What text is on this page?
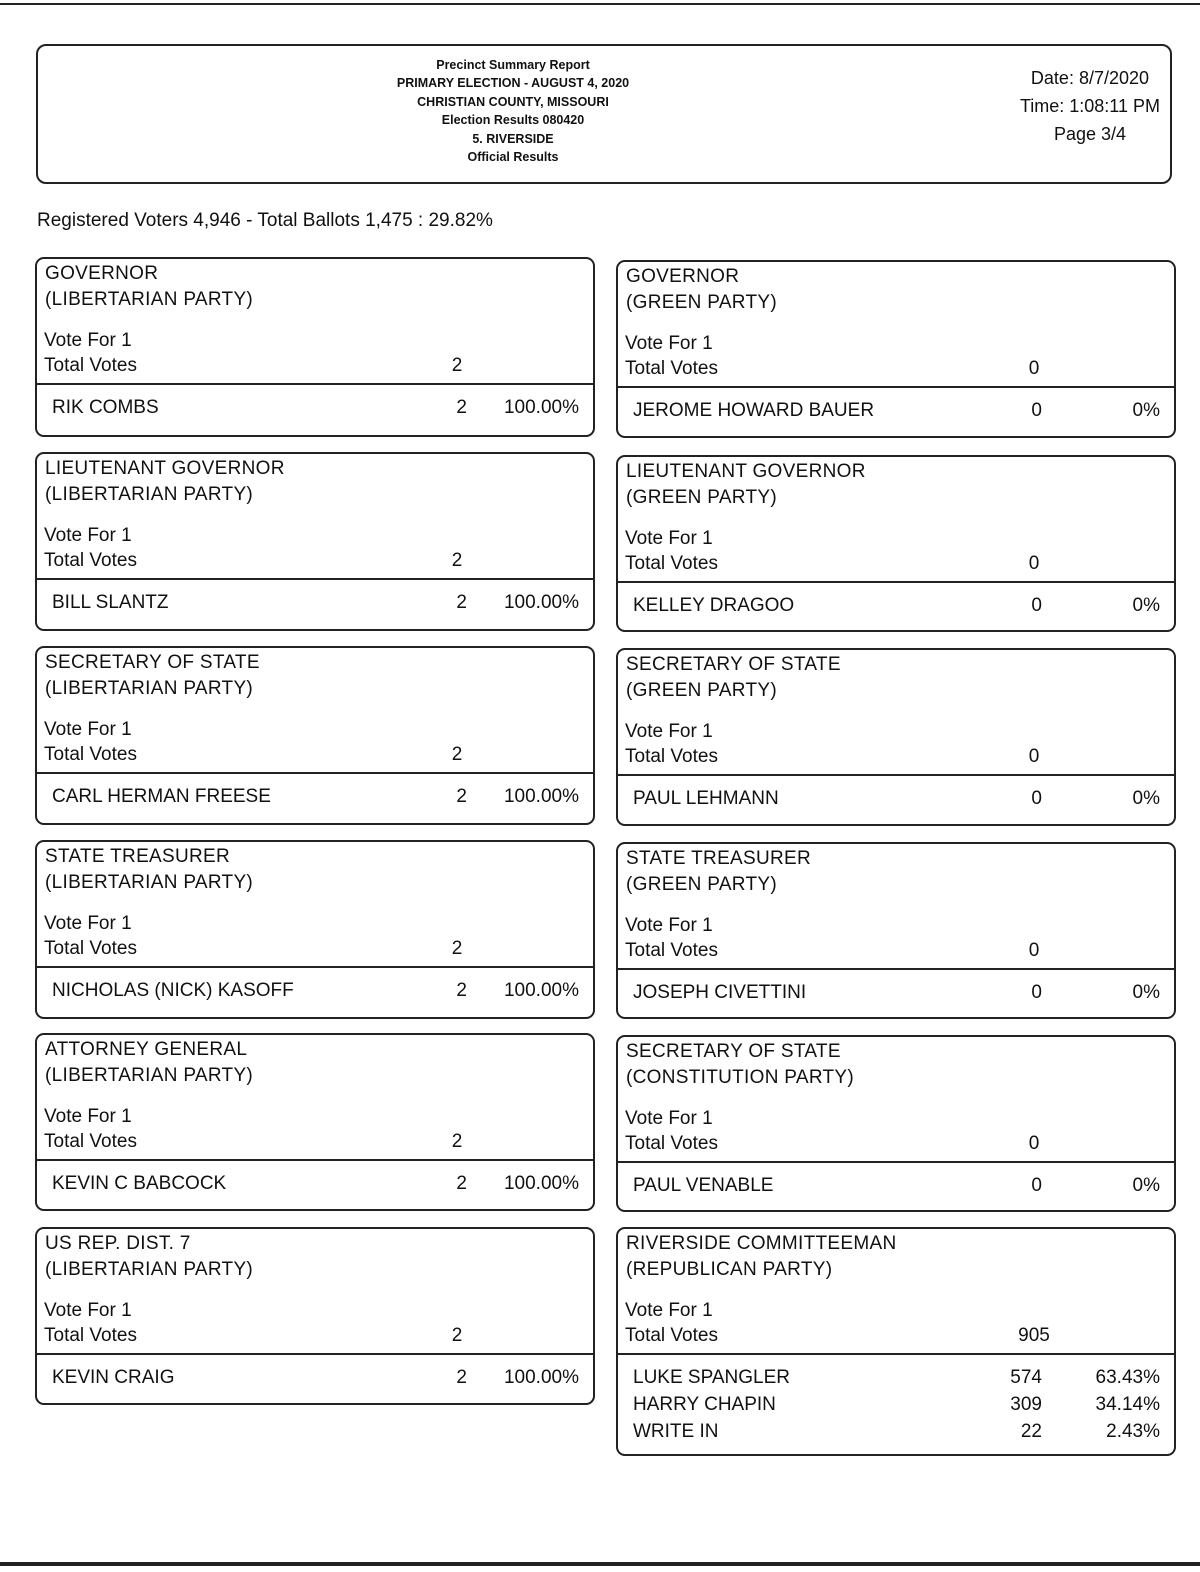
Precinct Summary Report
PRIMARY ELECTION - AUGUST 4, 2020
CHRISTIAN COUNTY, MISSOURI
Election Results 080420
5. RIVERSIDE
Official Results
Date: 8/7/2020
Time: 1:08:11 PM
Page 3/4
Registered Voters 4,946 - Total Ballots 1,475 : 29.82%
GOVERNOR
(LIBERTARIAN PARTY)
Vote For 1
Total Votes	2
RIK COMBS	2 100.00%
GOVERNOR
(GREEN PARTY)
Vote For 1
Total Votes	0
JEROME HOWARD BAUER	0	0%
LIEUTENANT GOVERNOR
(LIBERTARIAN PARTY)
Vote For 1
Total Votes	2
BILL SLANTZ	2 100.00%
LIEUTENANT GOVERNOR
(GREEN PARTY)
Vote For 1
Total Votes	0
KELLEY DRAGOO	0	0%
SECRETARY OF STATE
(LIBERTARIAN PARTY)
Vote For 1
Total Votes	2
CARL HERMAN FREESE	2 100.00%
SECRETARY OF STATE
(GREEN PARTY)
Vote For 1
Total Votes	0
PAUL LEHMANN	0	0%
STATE TREASURER
(LIBERTARIAN PARTY)
Vote For 1
Total Votes	2
NICHOLAS (NICK) KASOFF	2 100.00%
STATE TREASURER
(GREEN PARTY)
Vote For 1
Total Votes	0
JOSEPH CIVETTINI	0	0%
ATTORNEY GENERAL
(LIBERTARIAN PARTY)
Vote For 1
Total Votes	2
KEVIN C BABCOCK	2 100.00%
SECRETARY OF STATE
(CONSTITUTION PARTY)
Vote For 1
Total Votes	0
PAUL VENABLE	0	0%
US REP. DIST. 7
(LIBERTARIAN PARTY)
Vote For 1
Total Votes	2
KEVIN CRAIG	2 100.00%
RIVERSIDE COMMITTEEMAN
(REPUBLICAN PARTY)
Vote For 1
Total Votes	905
LUKE SPANGLER	574	63.43%
HARRY CHAPIN	309	34.14%
WRITE IN	22	2.43%
